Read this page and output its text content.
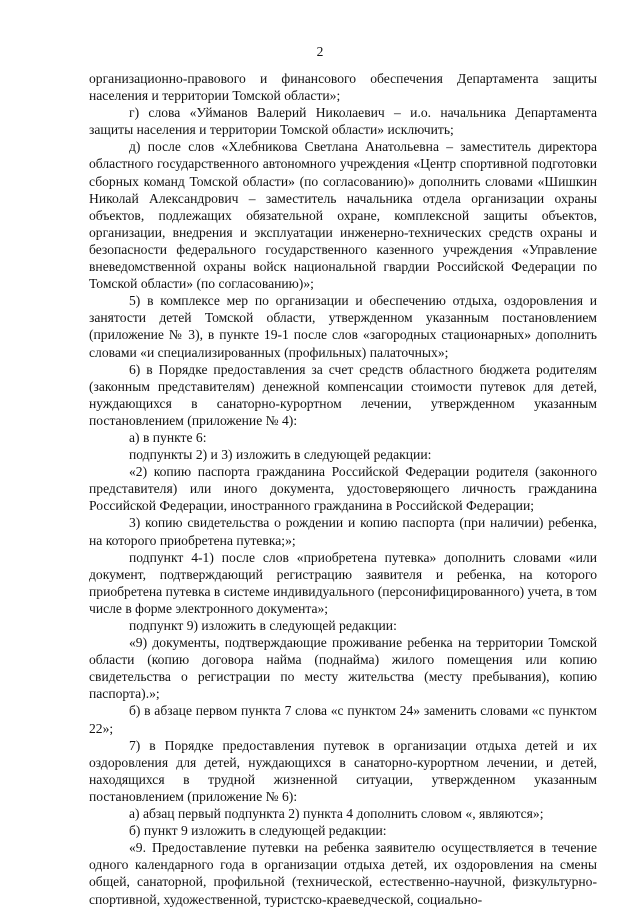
2

организационно-правового и финансового обеспечения Департамента защиты населения и территории Томской области»;

г) слова «Уйманов Валерий Николаевич – и.о. начальника Департамента защиты населения и территории Томской области» исключить;

д) после слов «Хлебникова Светлана Анатольевна – заместитель директора областного государственного автономного учреждения «Центр спортивной подготовки сборных команд Томской области» (по согласованию)» дополнить словами «Шишкин Николай Александрович – заместитель начальника отдела организации охраны объектов, подлежащих обязательной охране, комплексной защиты объектов, организации, внедрения и эксплуатации инженерно-технических средств охраны и безопасности федерального государственного казенного учреждения «Управление вневедомственной охраны войск национальной гвардии Российской Федерации по Томской области» (по согласованию)»;

5) в комплексе мер по организации и обеспечению отдыха, оздоровления и занятости детей Томской области, утвержденном указанным постановлением (приложение № 3), в пункте 19-1 после слов «загородных стационарных» дополнить словами «и специализированных (профильных) палаточных»;

6) в Порядке предоставления за счет средств областного бюджета родителям (законным представителям) денежной компенсации стоимости путевок для детей, нуждающихся в санаторно-курортном лечении, утвержденном указанным постановлением (приложение № 4):

а) в пункте 6:

подпункты 2) и 3) изложить в следующей редакции:

«2) копию паспорта гражданина Российской Федерации родителя (законного представителя) или иного документа, удостоверяющего личность гражданина Российской Федерации, иностранного гражданина в Российской Федерации;

3) копию свидетельства о рождении и копию паспорта (при наличии) ребенка, на которого приобретена путевка;»;

подпункт 4-1) после слов «приобретена путевка» дополнить словами «или документ, подтверждающий регистрацию заявителя и ребенка, на которого приобретена путевка в системе индивидуального (персонифицированного) учета, в том числе в форме электронного документа»;

подпункт 9) изложить в следующей редакции:

«9) документы, подтверждающие проживание ребенка на территории Томской области (копию договора найма (поднайма) жилого помещения или копию свидетельства о регистрации по месту жительства (месту пребывания), копию паспорта).»;

б) в абзаце первом пункта 7 слова «с пунктом 24» заменить словами «с пунктом 22»;

7) в Порядке предоставления путевок в организации отдыха детей и их оздоровления для детей, нуждающихся в санаторно-курортном лечении, и детей, находящихся в трудной жизненной ситуации, утвержденном указанным постановлением (приложение № 6):

а) абзац первый подпункта 2) пункта 4 дополнить словом «, являются»;

б) пункт 9 изложить в следующей редакции:

«9. Предоставление путевки на ребенка заявителю осуществляется в течение одного календарного года в организации отдыха детей, их оздоровления на смены общей, санаторной, профильной (технической, естественно-научной, физкультурно-спортивной, художественной, туристско-краеведческой, социально-
